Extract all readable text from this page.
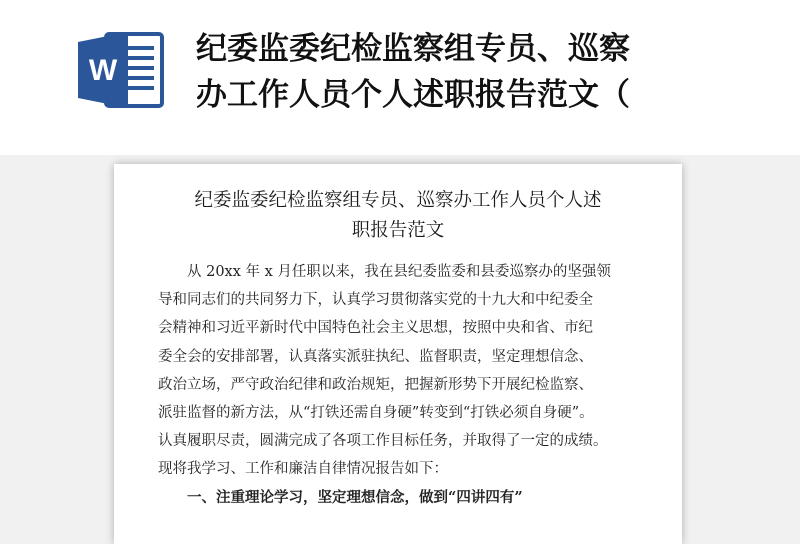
W
纪委监委纪检监察组专员、巡察
办工作人员个人述职报告范文（
纪委监委纪检监察组专员、巡察办工作人员个人述
职报告范文
从 20xx 年 x 月任职以来，我在县纪委监委和县委巡察办的坚强领
导和同志们的共同努力下，认真学习贯彻落实党的十九大和中纪委全
会精神和习近平新时代中国特色社会主义思想，按照中央和省、市纪
委全会的安排部署，认真落实派驻执纪、监督职责，坚定理想信念、
政治立场，严守政治纪律和政治规矩，把握新形势下开展纪检监察、
派驻监督的新方法，从“打铁还需自身硬”转变到“打铁必须自身硬”。
认真履职尽责，圆满完成了各项工作目标任务，并取得了一定的成绩。
现将我学习、工作和廉洁自律情况报告如下：
一、注重理论学习，坚定理想信念，做到“四讲四有”
